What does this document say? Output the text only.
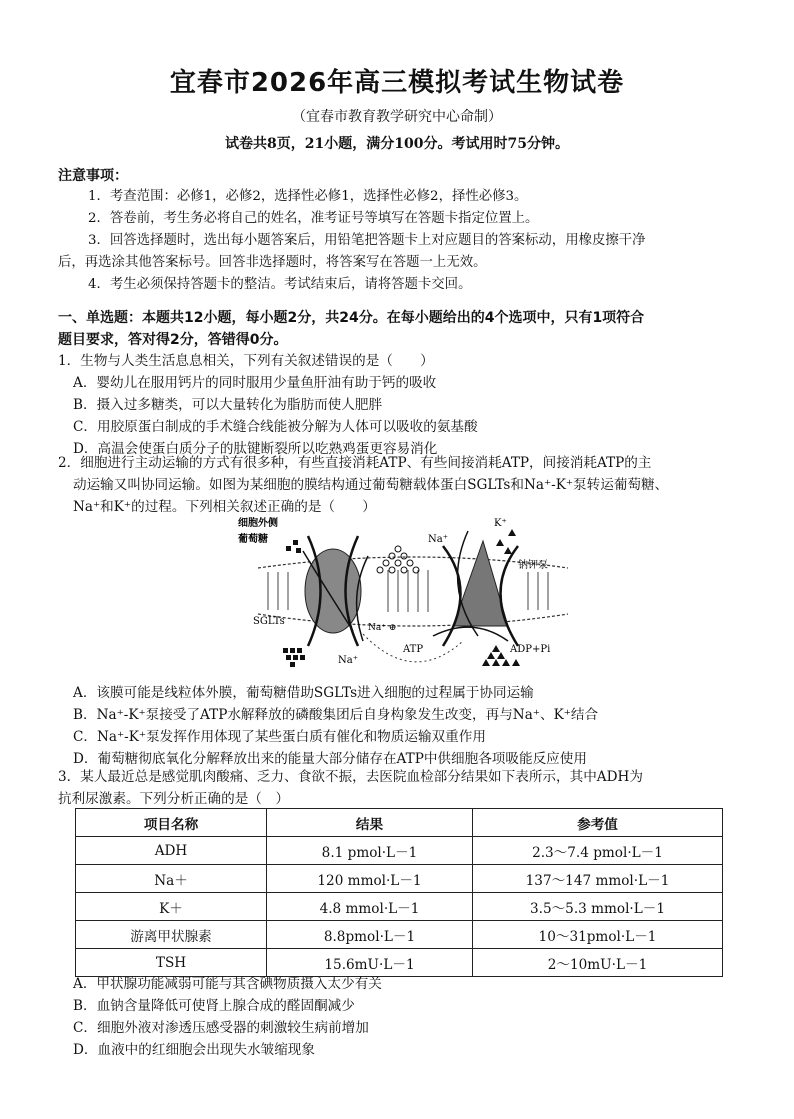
宜春市2026年高三模拟考试生物试卷
（宜春市教育教学研究中心命制）
试卷共8页，21小题，满分100分。考试用时75分钟。
注意事项：

1．考查范围：必修1，必修2，选择性必修1，选择性必修2，择性必修3。

2．答卷前，考生务必将自己的姓名，准考证号等填写在答题卡指定位置上。

3．回答选择题时，选出每小题答案后，用铅笔把答题卡上对应题目的答案标动，用橡皮擦干净

后，再选涂其他答案标号。回答非选择题时，将答案写在答题一上无效。

4．考生必须保持答题卡的整洁。考试结束后，请将答题卡交回。

一、单选题：本题共12小题，每小题2分，共24分。在每小题给出的4个选项中，只有1项符合
题目要求，答对得2分，答错得0分。

1．生物与人类生活息息相关，下列有关叙述错误的是（　　）

A．婴幼儿在服用钙片的同时服用少量鱼肝油有助于钙的吸收

B．摄入过多糖类，可以大量转化为脂肪而使人肥胖

C．用胶原蛋白制成的手术缝合线能被分解为人体可以吸收的氨基酸

D．高温会使蛋白质分子的肽键断裂所以吃熟鸡蛋更容易消化

2．细胞进行主动运输的方式有很多种，有些直接消耗ATP、有些间接消耗ATP，间接消耗ATP的主

动运输又叫协同运输。如图为某细胞的膜结构通过葡萄糖载体蛋白SGLTs和Na⁺-K⁺泵转运葡萄糖、

Na⁺和K⁺的过程。下列相关叙述正确的是（　　）

细胞外侧
葡萄糖
SGLTs
Na⁺
K⁺
钠钾泵
Na⁺ ⊕
Na⁺
ATP	ADP+Pi

A．该膜可能是线粒体外膜，葡萄糖借助SGLTs进入细胞的过程属于协同运输

B．Na⁺-K⁺泵接受了ATP水解释放的磷酸集团后自身构象发生改变，再与Na⁺、K⁺结合

C．Na⁺-K⁺泵发挥作用体现了某些蛋白质有催化和物质运输双重作用

D．葡萄糖彻底氧化分解释放出来的能量大部分储存在ATP中供细胞各项吸能反应使用

3．某人最近总是感觉肌肉酸痛、乏力、食欲不振，去医院血检部分结果如下表所示，其中ADH为

抗利尿激素。下列分析正确的是（　）

项目名称	结果	参考值
ADH	8.1 pmol·L－1	2.3～7.4 pmol·L－1
Na＋	120 mmol·L－1	137～147 mmol·L－1
K＋	4.8 mmol·L－1	3.5～5.3 mmol·L－1
游离甲状腺素	8.8pmol·L－1	10～31pmol·L－1
TSH	15.6mU·L－1	2～10mU·L－1

A．甲状腺功能减弱可能与其含碘物质摄入太少有关

B．血钠含量降低可使肾上腺合成的醛固酮减少

C．细胞外液对渗透压感受器的刺激较生病前增加

D．血液中的红细胞会出现失水皱缩现象
